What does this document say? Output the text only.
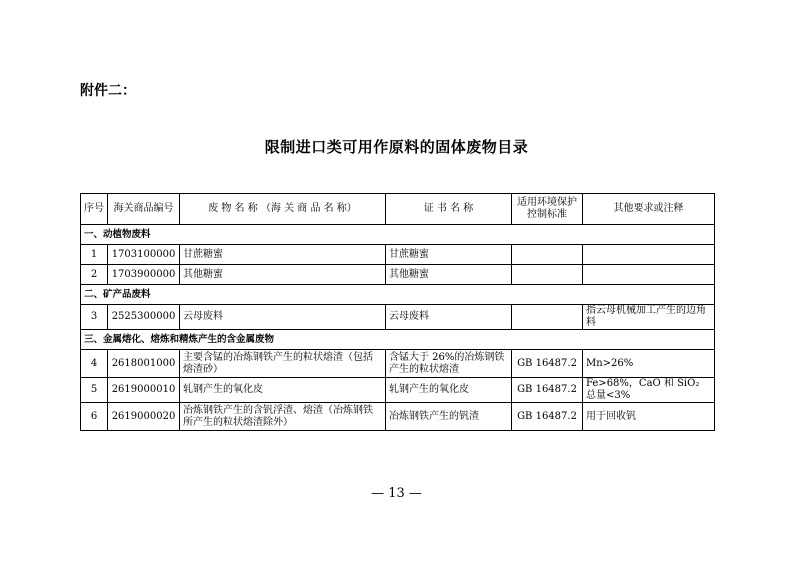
附件二：
限制进口类可用作原料的固体废物目录
序号	海关商品编号	废 物 名 称 （海 关 商 品 名 称）	证 书 名 称	适用环境保护控制标准	其他要求或注释
一、动植物废料					
1	1703100000	甘蔗糖蜜	甘蔗糖蜜		
2	1703900000	其他糖蜜	其他糖蜜		
二、矿产品废料					
3	2525300000	云母废料	云母废料		指云母机械加工产生的边角料
三、金属熔化、熔炼和精炼产生的含金属废物					
4	2618001000	主要含锰的冶炼钢铁产生的粒状熔渣（包括熔渣砂）	含锰大于 26%的冶炼钢铁产生的粒状熔渣	GB 16487.2	Mn>26%
5	2619000010	轧钢产生的氧化皮	轧钢产生的氧化皮	GB 16487.2	Fe>68%，CaO 和 SiO₂ 总量<3%
6	2619000020	冶炼钢铁产生的含钒浮渣、熔渣（冶炼钢铁所产生的粒状熔渣除外）	冶炼钢铁产生的钒渣	GB 16487.2	用于回收钒
— 13 —
